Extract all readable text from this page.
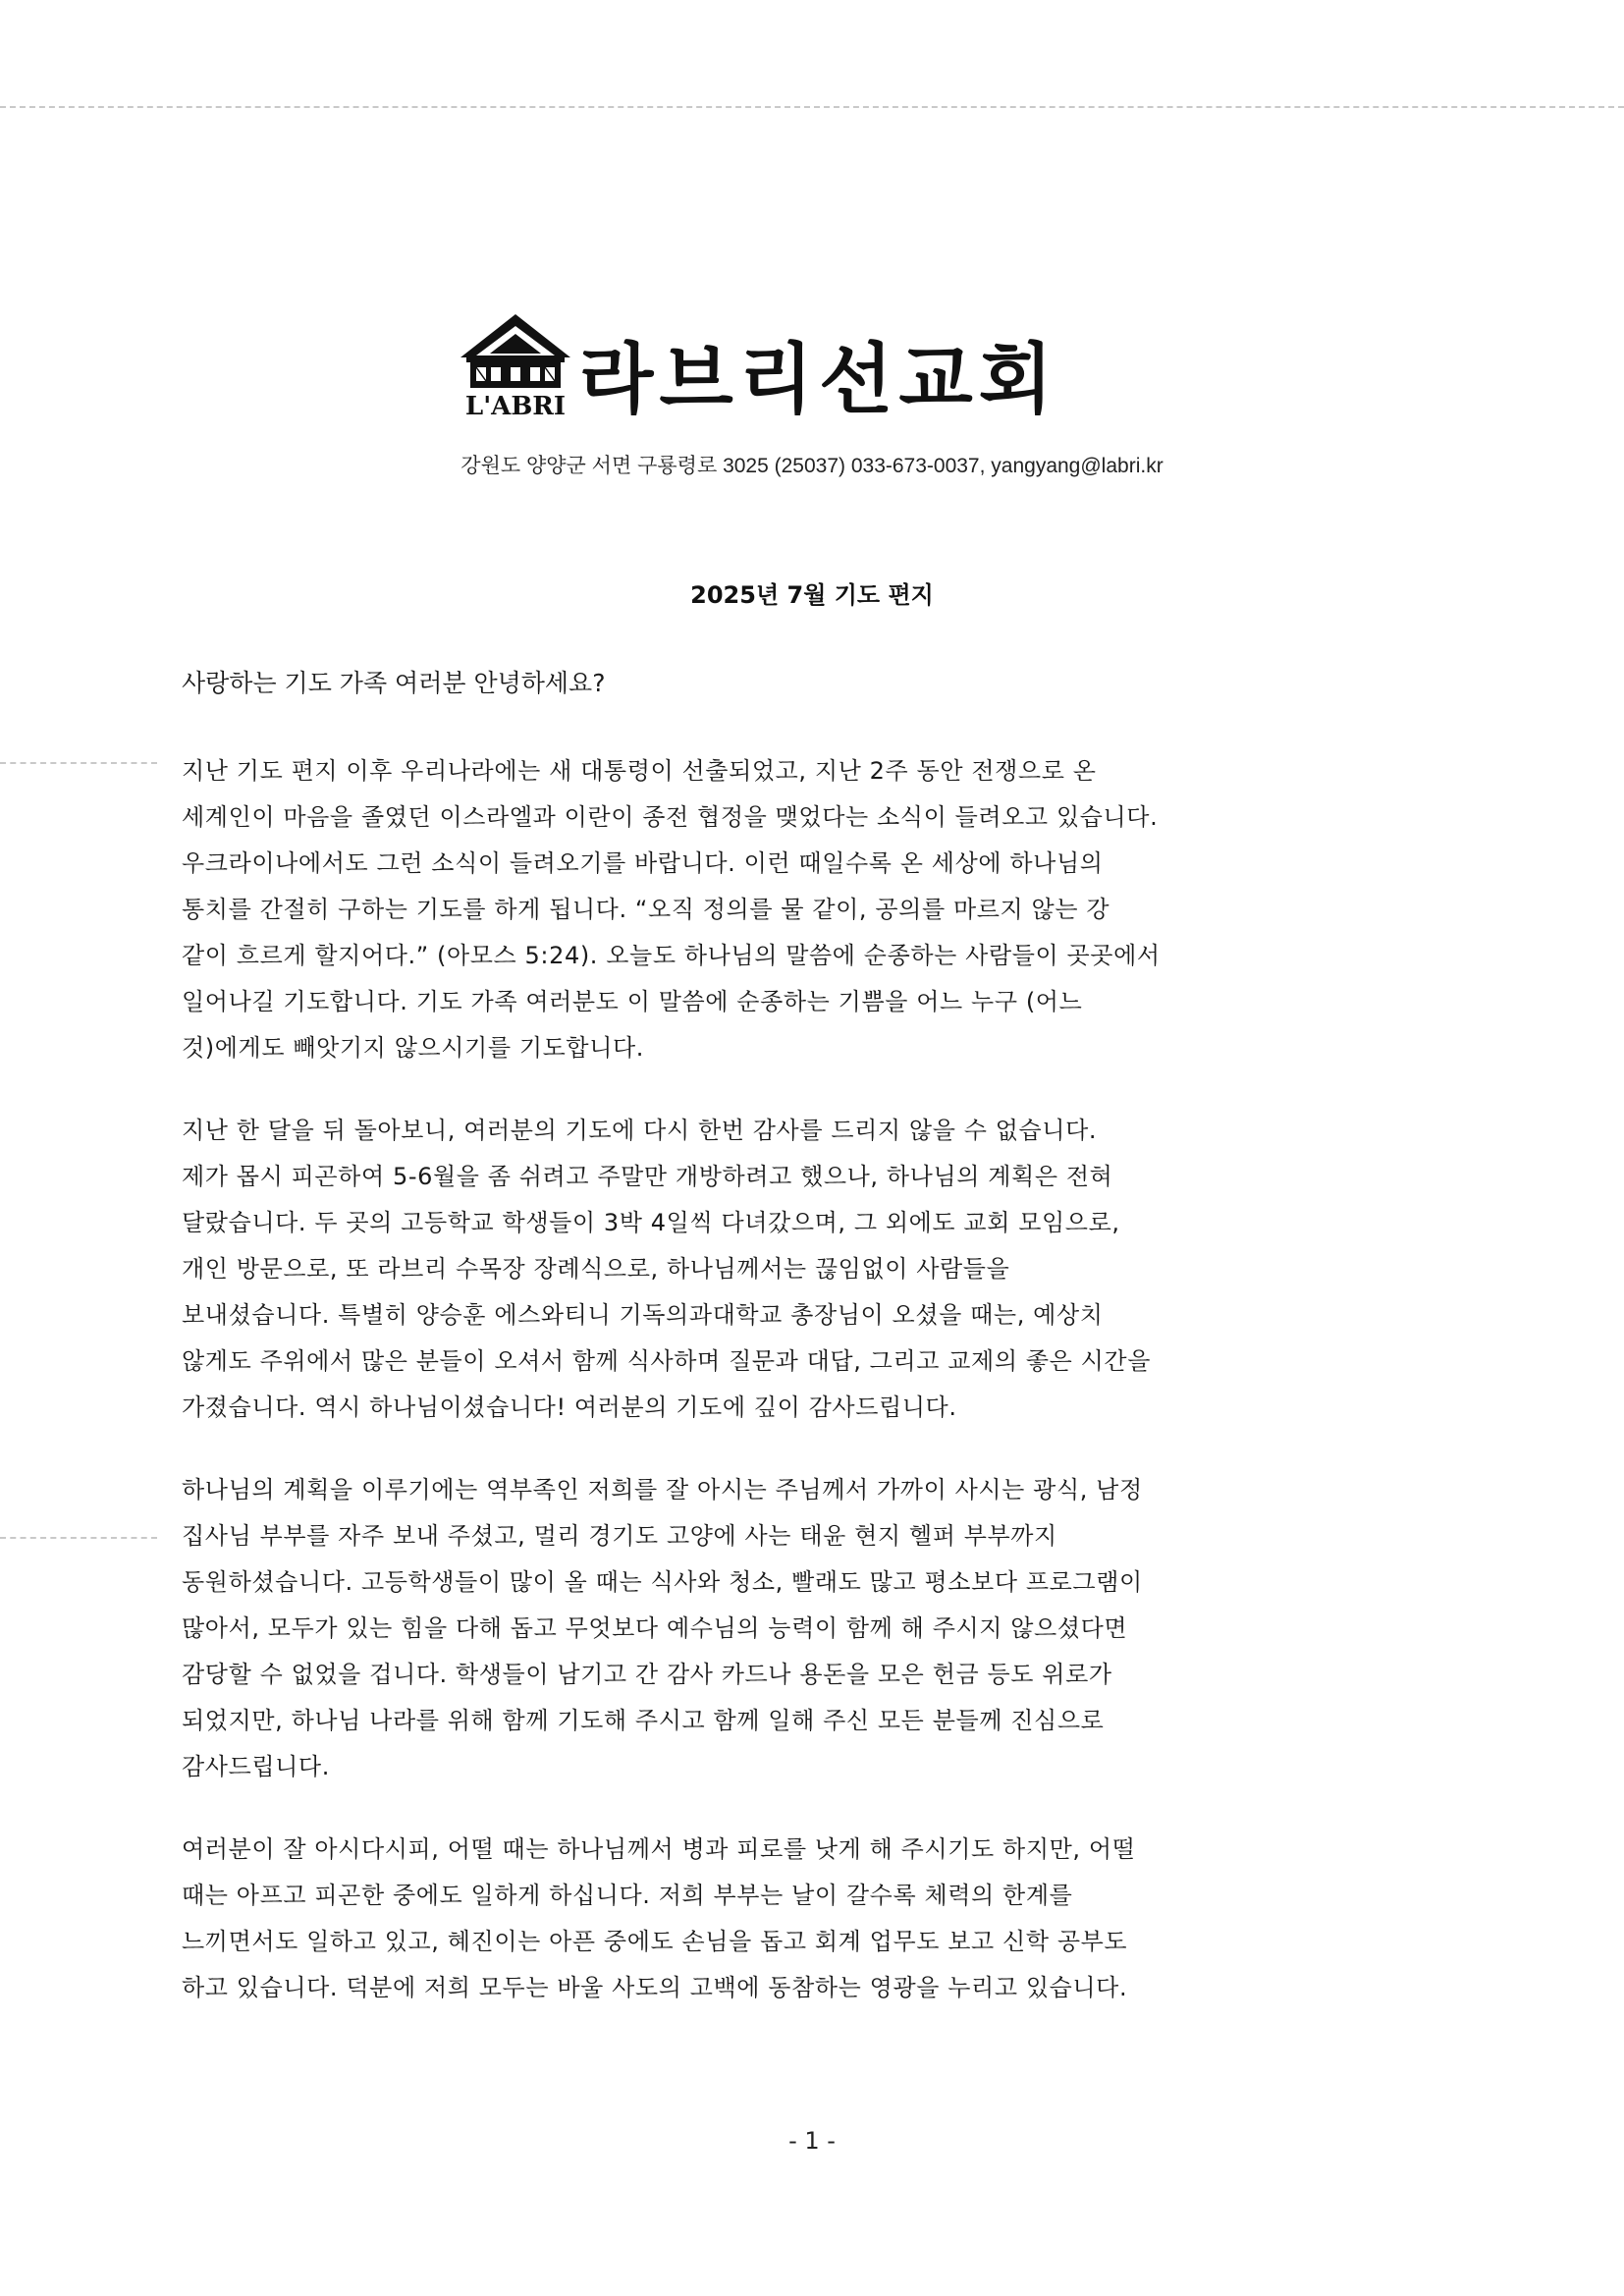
L'ABRI 라브리선교회
강원도 양양군 서면 구룡령로 3025 (25037) 033-673-0037, yangyang@labri.kr
2025년 7월 기도 편지
사랑하는 기도 가족 여러분 안녕하세요?
지난 기도 편지 이후 우리나라에는 새 대통령이 선출되었고, 지난 2주 동안 전쟁으로 온
세계인이 마음을 졸였던 이스라엘과 이란이 종전 협정을 맺었다는 소식이 들려오고 있습니다.
우크라이나에서도 그런 소식이 들려오기를 바랍니다. 이런 때일수록 온 세상에 하나님의
통치를 간절히 구하는 기도를 하게 됩니다. “오직 정의를 물 같이, 공의를 마르지 않는 강
같이 흐르게 할지어다.” (아모스 5:24). 오늘도 하나님의 말씀에 순종하는 사람들이 곳곳에서
일어나길 기도합니다. 기도 가족 여러분도 이 말씀에 순종하는 기쁨을 어느 누구 (어느
것)에게도 빼앗기지 않으시기를 기도합니다.
지난 한 달을 뒤 돌아보니, 여러분의 기도에 다시 한번 감사를 드리지 않을 수 없습니다.
제가 몹시 피곤하여 5-6월을 좀 쉬려고 주말만 개방하려고 했으나, 하나님의 계획은 전혀
달랐습니다. 두 곳의 고등학교 학생들이 3박 4일씩 다녀갔으며, 그 외에도 교회 모임으로,
개인 방문으로, 또 라브리 수목장 장례식으로, 하나님께서는 끊임없이 사람들을
보내셨습니다. 특별히 양승훈 에스와티니 기독의과대학교 총장님이 오셨을 때는, 예상치
않게도 주위에서 많은 분들이 오셔서 함께 식사하며 질문과 대답, 그리고 교제의 좋은 시간을
가졌습니다. 역시 하나님이셨습니다! 여러분의 기도에 깊이 감사드립니다.
하나님의 계획을 이루기에는 역부족인 저희를 잘 아시는 주님께서 가까이 사시는 광식, 남정
집사님 부부를 자주 보내 주셨고, 멀리 경기도 고양에 사는 태윤 현지 헬퍼 부부까지
동원하셨습니다. 고등학생들이 많이 올 때는 식사와 청소, 빨래도 많고 평소보다 프로그램이
많아서, 모두가 있는 힘을 다해 돕고 무엇보다 예수님의 능력이 함께 해 주시지 않으셨다면
감당할 수 없었을 겁니다. 학생들이 남기고 간 감사 카드나 용돈을 모은 헌금 등도 위로가
되었지만, 하나님 나라를 위해 함께 기도해 주시고 함께 일해 주신 모든 분들께 진심으로
감사드립니다.
여러분이 잘 아시다시피, 어떨 때는 하나님께서 병과 피로를 낫게 해 주시기도 하지만, 어떨
때는 아프고 피곤한 중에도 일하게 하십니다. 저희 부부는 날이 갈수록 체력의 한계를
느끼면서도 일하고 있고, 혜진이는 아픈 중에도 손님을 돕고 회계 업무도 보고 신학 공부도
하고 있습니다. 덕분에 저희 모두는 바울 사도의 고백에 동참하는 영광을 누리고 있습니다.
- 1 -
